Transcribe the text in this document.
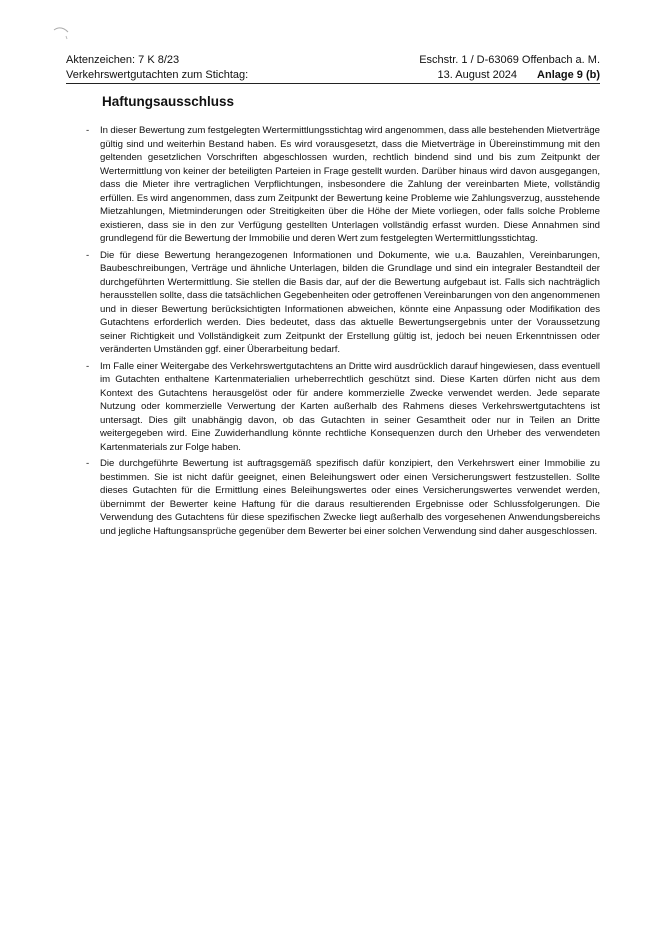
Aktenzeichen: 7 K 8/23	Eschstr. 1 / D-63069 Offenbach a. M.
Verkehrswertgutachten zum Stichtag:	13. August 2024 Anlage 9 (b)
Haftungsausschluss
-	In dieser Bewertung zum festgelegten Wertermittlungsstichtag wird angenommen, dass alle bestehenden Mietverträge gültig sind und weiterhin Bestand haben. Es wird vorausgesetzt, dass die Mietverträge in Übereinstimmung mit den geltenden gesetzlichen Vorschriften abgeschlossen wurden, rechtlich bindend sind und bis zum Zeitpunkt der Wertermittlung von keiner der beteiligten Parteien in Frage gestellt wurden. Darüber hinaus wird davon ausgegangen, dass die Mieter ihre vertraglichen Verpflichtungen, insbesondere die Zahlung der vereinbarten Miete, vollständig erfüllen. Es wird angenommen, dass zum Zeitpunkt der Bewertung keine Probleme wie Zahlungsverzug, ausstehende Mietzahlungen, Mietminderungen oder Streitigkeiten über die Höhe der Miete vorliegen, oder falls solche Probleme existieren, dass sie in den zur Verfügung gestellten Unterlagen vollständig erfasst wurden. Diese Annahmen sind grundlegend für die Bewertung der Immobilie und deren Wert zum festgelegten Wertermittlungsstichtag.

-	Die für diese Bewertung herangezogenen Informationen und Dokumente, wie u.a. Bauzahlen, Vereinbarungen, Baubeschreibungen, Verträge und ähnliche Unterlagen, bilden die Grundlage und sind ein integraler Bestandteil der durchgeführten Wertermittlung. Sie stellen die Basis dar, auf der die Bewertung aufgebaut ist. Falls sich nachträglich herausstellen sollte, dass die tatsächlichen Gegebenheiten oder getroffenen Vereinbarungen von den angenommenen und in dieser Bewertung berücksichtigten Informationen abweichen, könnte eine Anpassung oder Modifikation des Gutachtens erforderlich werden. Dies bedeutet, dass das aktuelle Bewertungsergebnis unter der Voraussetzung seiner Richtigkeit und Vollständigkeit zum Zeitpunkt der Erstellung gültig ist, jedoch bei neuen Erkenntnissen oder veränderten Umständen ggf. einer Überarbeitung bedarf.

-	Im Falle einer Weitergabe des Verkehrswertgutachtens an Dritte wird ausdrücklich darauf hingewiesen, dass eventuell im Gutachten enthaltene Kartenmaterialien urheberrechtlich geschützt sind. Diese Karten dürfen nicht aus dem Kontext des Gutachtens herausgelöst oder für andere kommerzielle Zwecke verwendet werden. Jede separate Nutzung oder kommerzielle Verwertung der Karten außerhalb des Rahmens dieses Verkehrswertgutachtens ist untersagt. Dies gilt unabhängig davon, ob das Gutachten in seiner Gesamtheit oder nur in Teilen an Dritte weitergegeben wird. Eine Zuwiderhandlung könnte rechtliche Konsequenzen durch den Urheber des verwendeten Kartenmaterials zur Folge haben.

-	Die durchgeführte Bewertung ist auftragsgemäß spezifisch dafür konzipiert, den Verkehrswert einer Immobilie zu bestimmen. Sie ist nicht dafür geeignet, einen Beleihungswert oder einen Versicherungswert festzustellen. Sollte dieses Gutachten für die Ermittlung eines Beleihungswertes oder eines Versicherungswertes verwendet werden, übernimmt der Bewerter keine Haftung für die daraus resultierenden Ergebnisse oder Schlussfolgerungen. Die Verwendung des Gutachtens für diese spezifischen Zwecke liegt außerhalb des vorgesehenen Anwendungsbereichs und jegliche Haftungsansprüche gegenüber dem Bewerter bei einer solchen Verwendung sind daher ausgeschlossen.
